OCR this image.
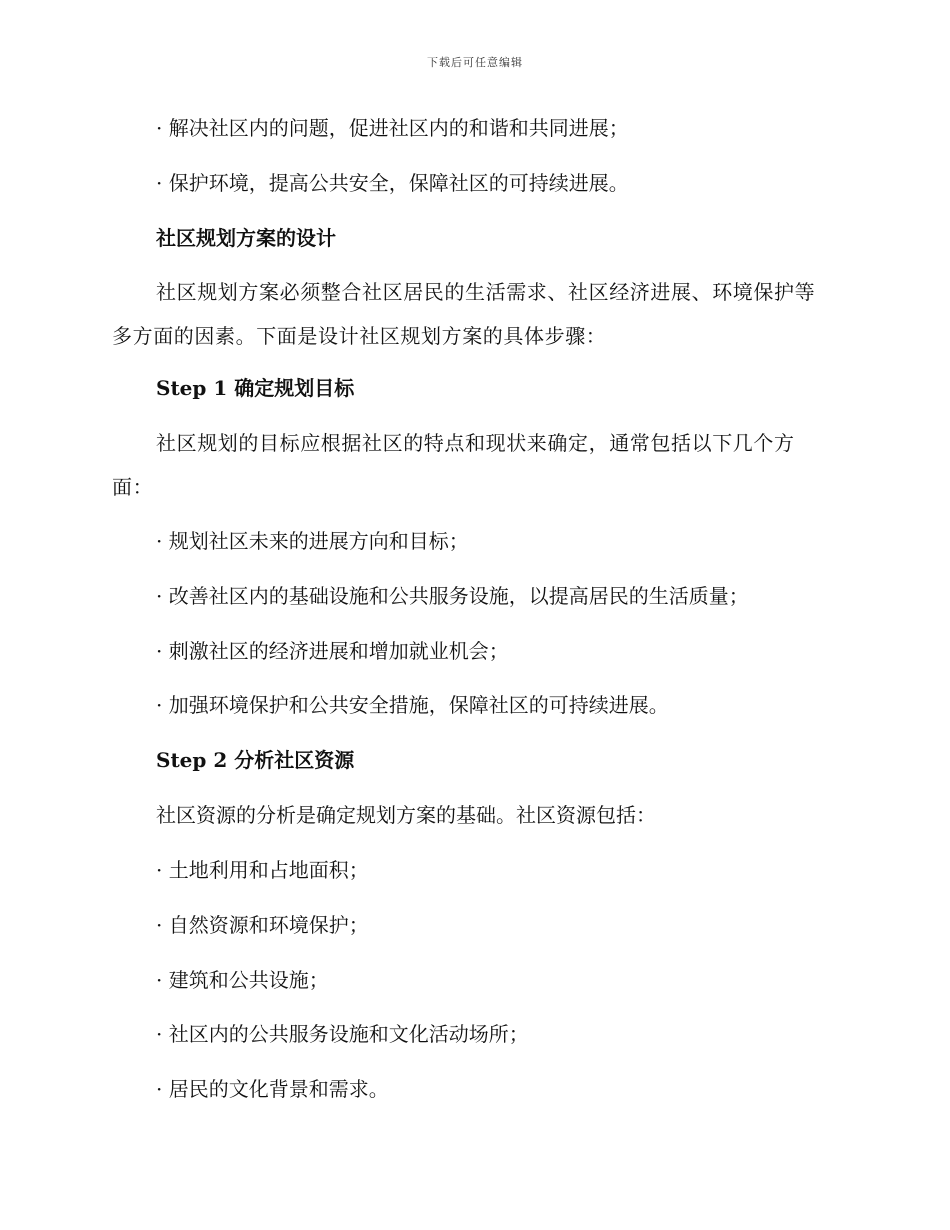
下载后可任意编辑
· 解决社区内的问题，促进社区内的和谐和共同进展；
· 保护环境，提高公共安全，保障社区的可持续进展。
社区规划方案的设计
社区规划方案必须整合社区居民的生活需求、社区经济进展、环境保护等多方面的因素。下面是设计社区规划方案的具体步骤：
Step 1 确定规划目标
社区规划的目标应根据社区的特点和现状来确定，通常包括以下几个方面：
· 规划社区未来的进展方向和目标；
· 改善社区内的基础设施和公共服务设施，以提高居民的生活质量；
· 刺激社区的经济进展和增加就业机会；
· 加强环境保护和公共安全措施，保障社区的可持续进展。
Step 2 分析社区资源
社区资源的分析是确定规划方案的基础。社区资源包括：
· 土地利用和占地面积；
· 自然资源和环境保护；
· 建筑和公共设施；
· 社区内的公共服务设施和文化活动场所；
· 居民的文化背景和需求。
